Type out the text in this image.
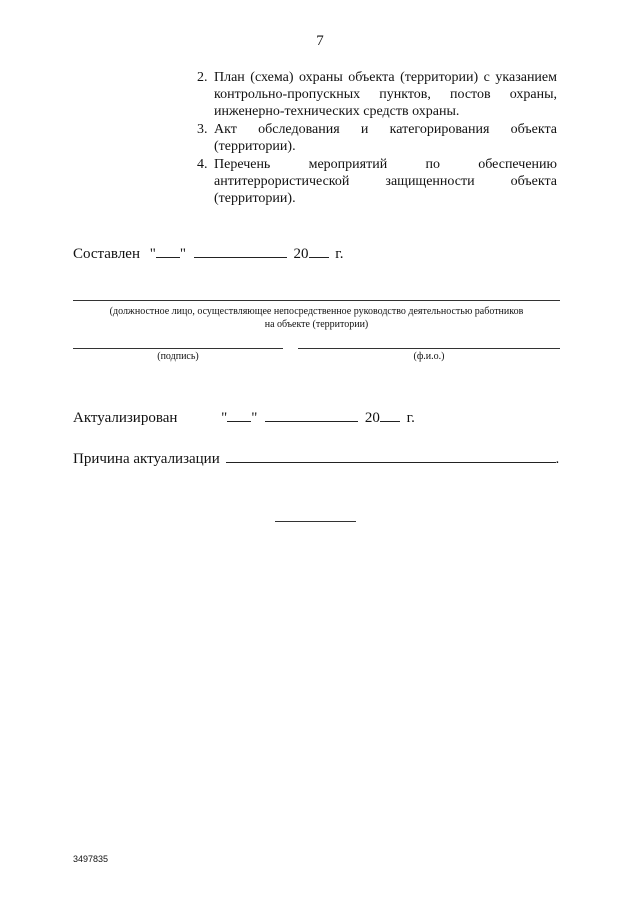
7
2. План (схема) охраны объекта (территории) с указанием контрольно-пропускных пунктов, постов охраны, инженерно-технических средств охраны.
3. Акт обследования и категорирования объекта (территории).
4. Перечень мероприятий по обеспечению антитеррористической защищенности объекта (территории).
Составлен " "	20 г.
(должностное лицо, осуществляющее непосредственное руководство деятельностью работников
на объекте (территории)
(подпись)	(ф.и.о.)
Актуализирован	" "	20 г.
Причина актуализации	.
3497835
